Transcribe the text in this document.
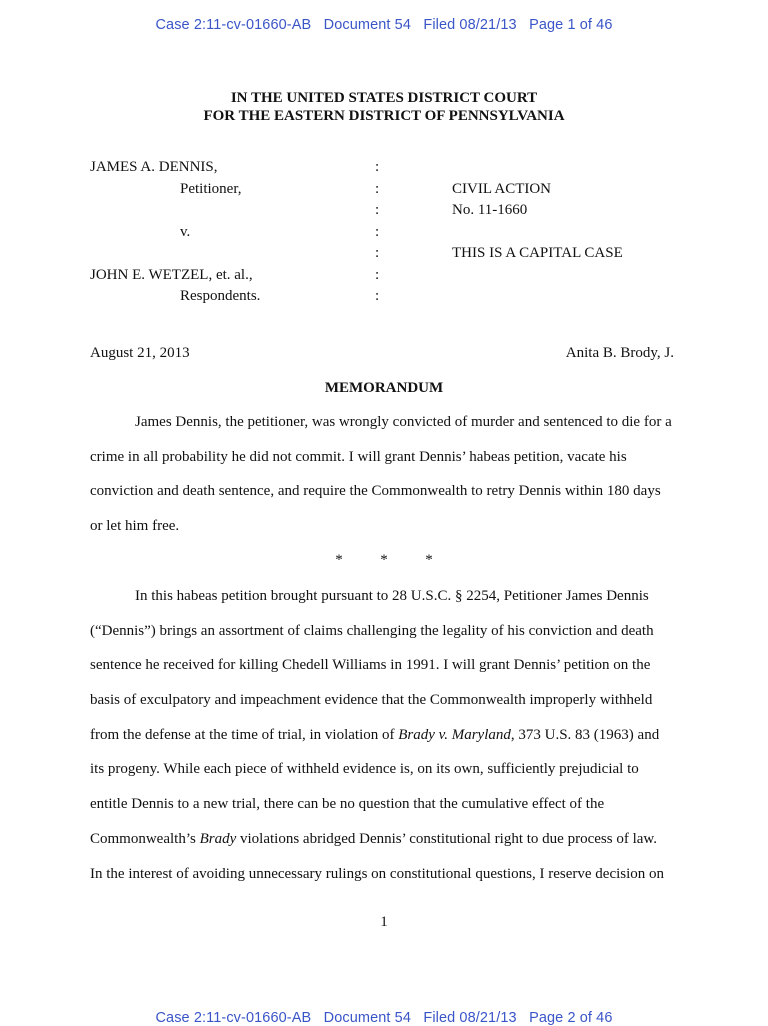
Case 2:11-cv-01660-AB Document 54 Filed 08/21/13 Page 1 of 46
IN THE UNITED STATES DISTRICT COURT
FOR THE EASTERN DISTRICT OF PENNSYLVANIA
JAMES A. DENNIS,
Petitioner,
v.
JOHN E. WETZEL, et. al.,
Respondents.
:
:
:
:
:
:
:
CIVIL ACTION
No. 11-1660
THIS IS A CAPITAL CASE
August 21, 2013	Anita B. Brody, J.
MEMORANDUM
James Dennis, the petitioner, was wrongly convicted of murder and sentenced to die for a
crime in all probability he did not commit. I will grant Dennis’ habeas petition, vacate his
conviction and death sentence, and require the Commonwealth to retry Dennis within 180 days
or let him free.
*          *          *
In this habeas petition brought pursuant to 28 U.S.C. § 2254, Petitioner James Dennis
(“Dennis”) brings an assortment of claims challenging the legality of his conviction and death
sentence he received for killing Chedell Williams in 1991. I will grant Dennis’ petition on the
basis of exculpatory and impeachment evidence that the Commonwealth improperly withheld
from the defense at the time of trial, in violation of Brady v. Maryland, 373 U.S. 83 (1963) and
its progeny. While each piece of withheld evidence is, on its own, sufficiently prejudicial to
entitle Dennis to a new trial, there can be no question that the cumulative effect of the
Commonwealth’s Brady violations abridged Dennis’ constitutional right to due process of law.
In the interest of avoiding unnecessary rulings on constitutional questions, I reserve decision on
1
Case 2:11-cv-01660-AB Document 54 Filed 08/21/13 Page 2 of 46
